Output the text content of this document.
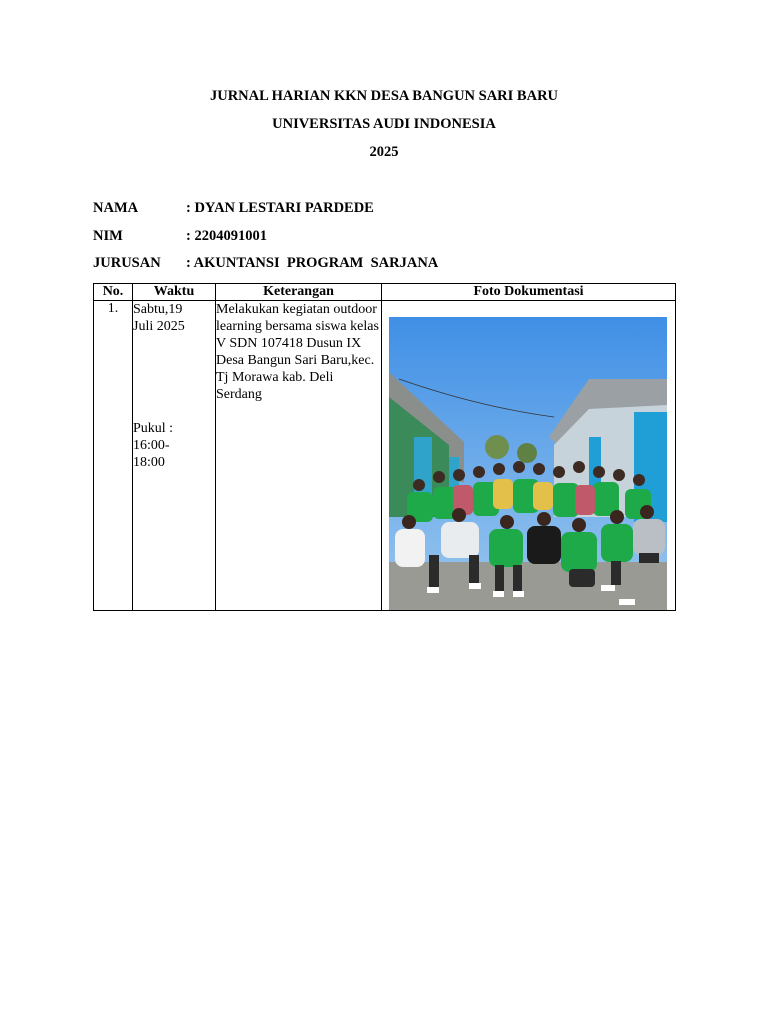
JURNAL HARIAN KKN DESA BANGUN SARI BARU
UNIVERSITAS AUDI INDONESIA
2025
NAMA	: DYAN LESTARI PARDEDE
NIM	: 2204091001
JURUSAN : AKUNTANSI  PROGRAM  SARJANA
No.	Waktu	Keterangan	Foto Dokumentasi
1.	Sabtu,19
Juli 2025
Pukul :
16:00-
18:00	Melakukan kegiatan outdoor learning bersama siswa kelas V SDN 107418 Dusun IX Desa Bangun Sari Baru,kec. Tj Morawa kab. Deli Serdang	
